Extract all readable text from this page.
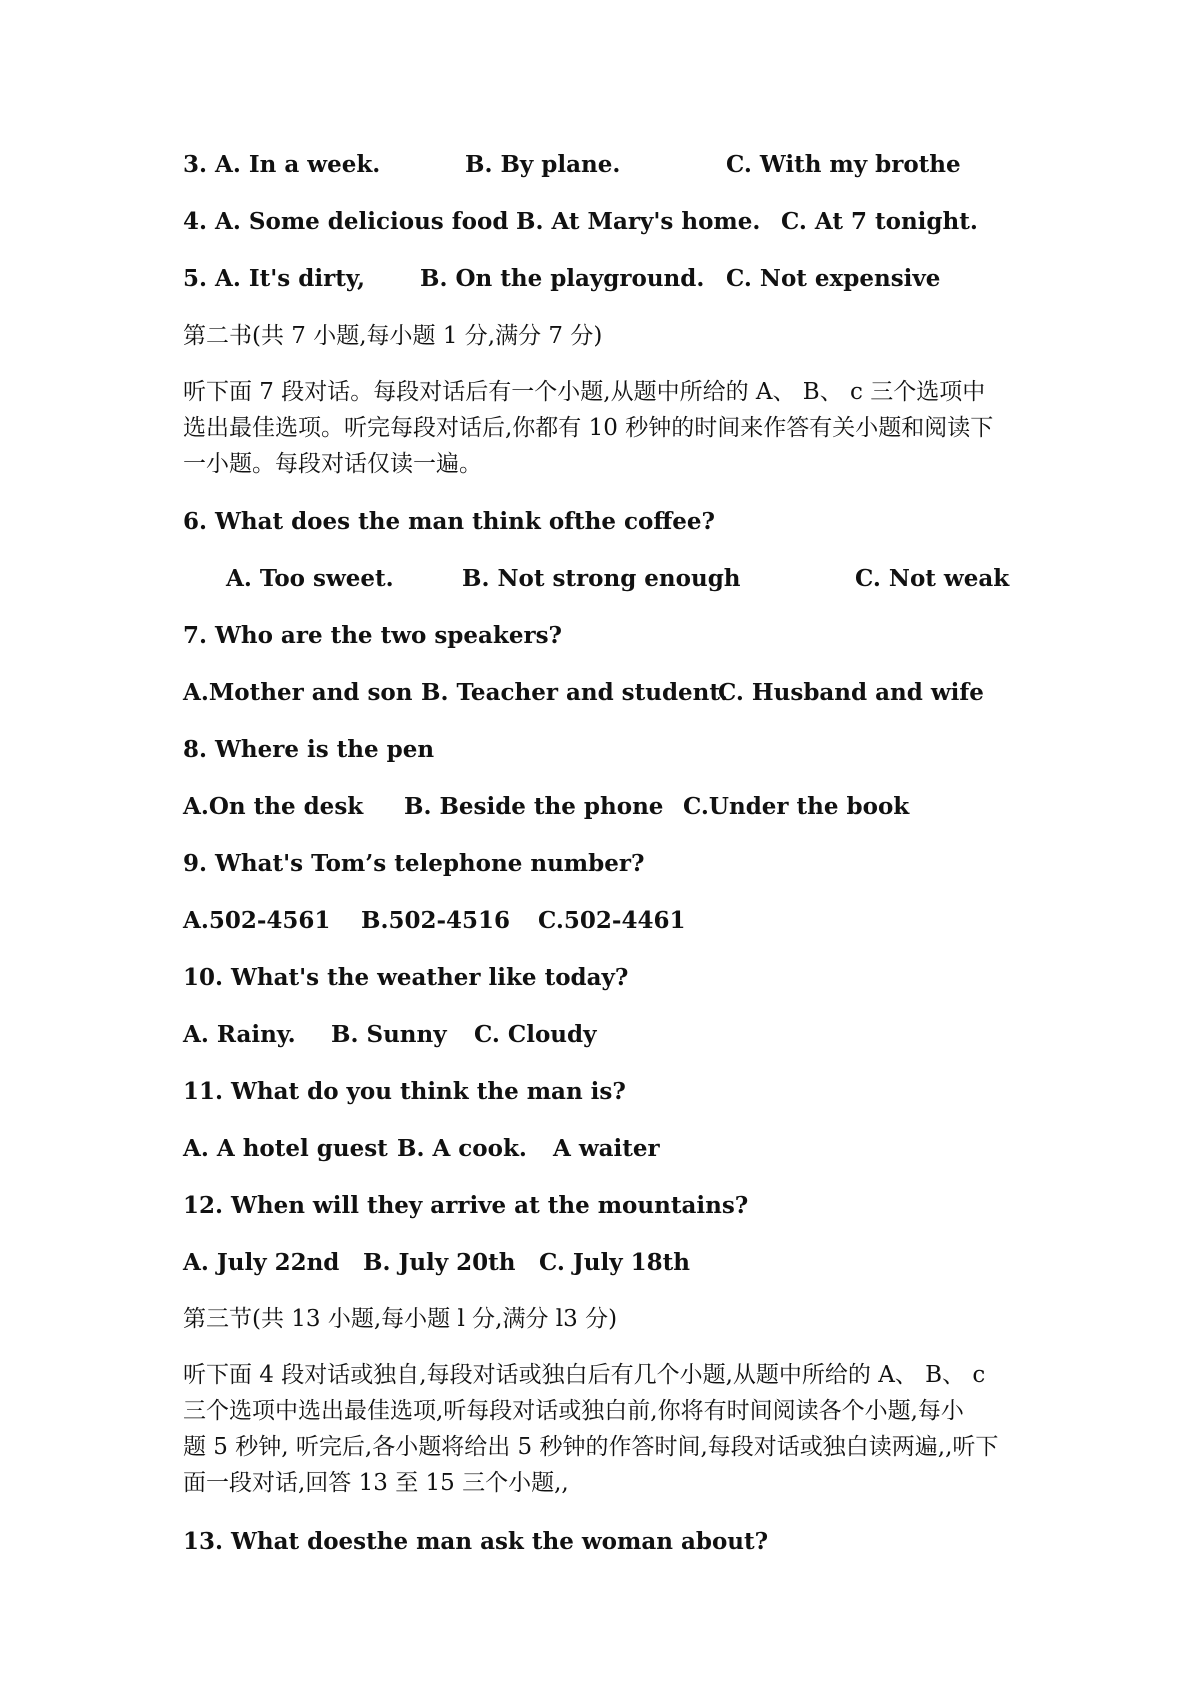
3. A. In a week.	B. By plane.	C. With my brothe
4. A. Some delicious food B. At Mary's home. C. At 7 tonight.
5. A. It's dirty, B. On the playground. C. Not expensive
第二书(共 7 小题,每小题 1 分,满分 7 分)
听下面 7 段对话。每段对话后有一个小题,从题中所给的 A、 B、 c 三个选项中
选出最佳选项。听完每段对话后,你都有 10 秒钟的时间来作答有关小题和阅读下
一小题。每段对话仅读一遍。
6. What does the man think ofthe coffee?
A. Too sweet.	B. Not strong enough	C. Not weak
7. Who are the two speakers?
A.Mother and son B. Teacher and student.
C. Husband and wife
8. Where is the pen
A.On the desk B. Beside the phone C.Under the book
9. What's Tom’s telephone number?
A.502-4561 B.502-4516 C.502-4461
10. What's the weather like today?
A. Rainy. B. Sunny C. Cloudy
11. What do you think the man is?
A. A hotel guest B. A cook. A waiter
12. When will they arrive at the mountains?
A. July 22nd B. July 20th C. July 18th
第三节(共 13 小题,每小题 l 分,满分 l3 分)
听下面 4 段对话或独自,每段对话或独白后有几个小题,从题中所给的 A、 B、 c
三个选项中选出最佳选项,听每段对话或独白前,你将有时间阅读各个小题,每小
题 5 秒钟, 听完后,各小题将给出 5 秒钟的作答时间,每段对话或独白读两遍,,听下
面一段对话,回答 13 至 15 三个小题,,
13. What doesthe man ask the woman about?
